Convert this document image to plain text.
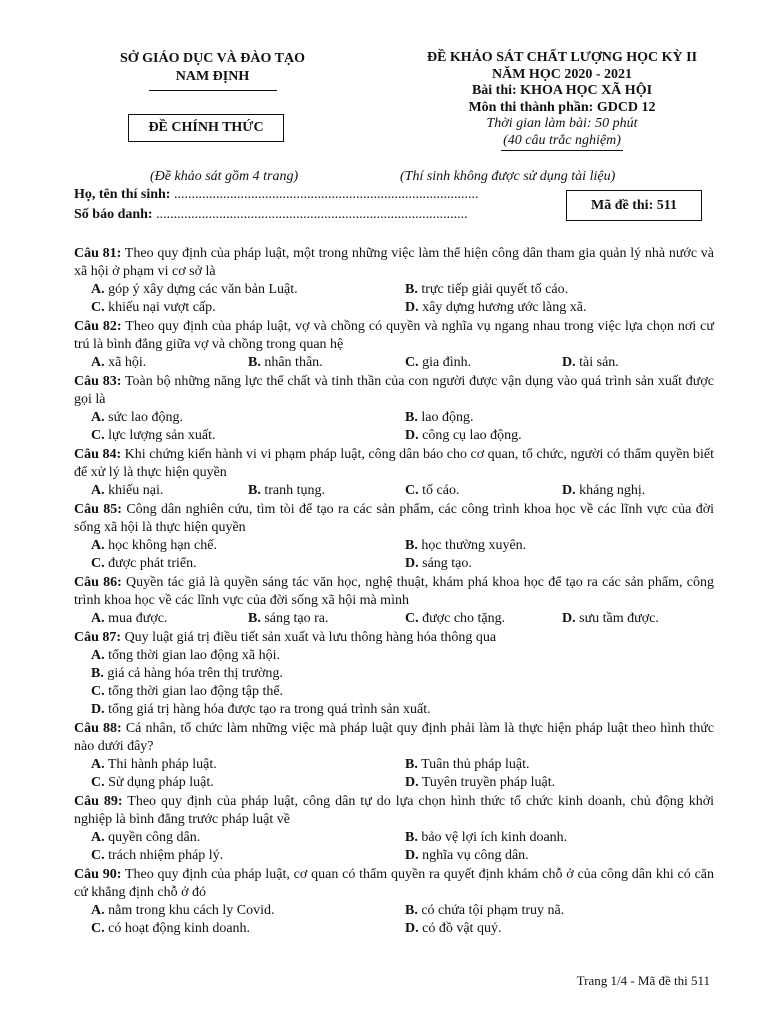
SỞ GIÁO DỤC VÀ ĐÀO TẠO
NAM ĐỊNH
ĐỀ CHÍNH THỨC
ĐỀ KHẢO SÁT CHẤT LƯỢNG HỌC KỲ II
NĂM HỌC 2020 - 2021
Bài thi: KHOA HỌC XÃ HỘI
Môn thi thành phần: GDCD 12
Thời gian làm bài: 50 phút
(40 câu trắc nghiệm)
(Đề khảo sát gồm 4 trang)	(Thí sinh không được sử dụng tài liệu)
Họ, tên thí sinh: .......................................................................................
Số báo danh: .........................................................................................
Mã đề thi: 511
Câu 81: Theo quy định của pháp luật, một trong những việc làm thể hiện công dân tham gia quản lý nhà nước và xã hội ở phạm vi cơ sở là
A. góp ý xây dựng các văn bản Luật.	B. trực tiếp giải quyết tố cáo.
C. khiếu nại vượt cấp.	D. xây dựng hương ước làng xã.
Câu 82: Theo quy định của pháp luật, vợ và chồng có quyền và nghĩa vụ ngang nhau trong việc lựa chọn nơi cư trú là bình đẳng giữa vợ và chồng trong quan hệ
A. xã hội.	B. nhân thân.	C. gia đình.	D. tài sản.
Câu 83: Toàn bộ những năng lực thể chất và tinh thần của con người được vận dụng vào quá trình sản xuất được gọi là
A. sức lao động.	B. lao động.
C. lực lượng sản xuất.	D. công cụ lao động.
Câu 84: Khi chứng kiến hành vi vi phạm pháp luật, công dân báo cho cơ quan, tổ chức, người có thẩm quyền biết để xử lý là thực hiện quyền
A. khiếu nại.	B. tranh tụng.	C. tố cáo.	D. kháng nghị.
Câu 85: Công dân nghiên cứu, tìm tòi để tạo ra các sản phẩm, các công trình khoa học về các lĩnh vực của đời sống xã hội là thực hiện quyền
A. học không hạn chế.	B. học thường xuyên.
C. được phát triển.	D. sáng tạo.
Câu 86: Quyền tác giả là quyền sáng tác văn học, nghệ thuật, khám phá khoa học để tạo ra các sản phẩm, công trình khoa học về các lĩnh vực của đời sống xã hội mà mình
A. mua được.	B. sáng tạo ra.	C. được cho tặng.	D. sưu tầm được.
Câu 87: Quy luật giá trị điều tiết sản xuất và lưu thông hàng hóa thông qua
A. tổng thời gian lao động xã hội.
B. giá cả hàng hóa trên thị trường.
C. tổng thời gian lao động tập thể.
D. tổng giá trị hàng hóa được tạo ra trong quá trình sản xuất.
Câu 88: Cá nhân, tổ chức làm những việc mà pháp luật quy định phải làm là thực hiện pháp luật theo hình thức nào dưới đây?
A. Thi hành pháp luật.	B. Tuân thủ pháp luật.
C. Sử dụng pháp luật.	D. Tuyên truyền pháp luật.
Câu 89: Theo quy định của pháp luật, công dân tự do lựa chọn hình thức tổ chức kinh doanh, chủ động khởi nghiệp là bình đẳng trước pháp luật về
A. quyền công dân.	B. bảo vệ lợi ích kinh doanh.
C. trách nhiệm pháp lý.	D. nghĩa vụ công dân.
Câu 90: Theo quy định của pháp luật, cơ quan có thẩm quyền ra quyết định khám chỗ ở của công dân khi có căn cứ khẳng định chỗ ở đó
A. nằm trong khu cách ly Covid.	B. có chứa tội phạm truy nã.
C. có hoạt động kinh doanh.	D. có đồ vật quý.
Trang 1/4 - Mã đề thi 511
